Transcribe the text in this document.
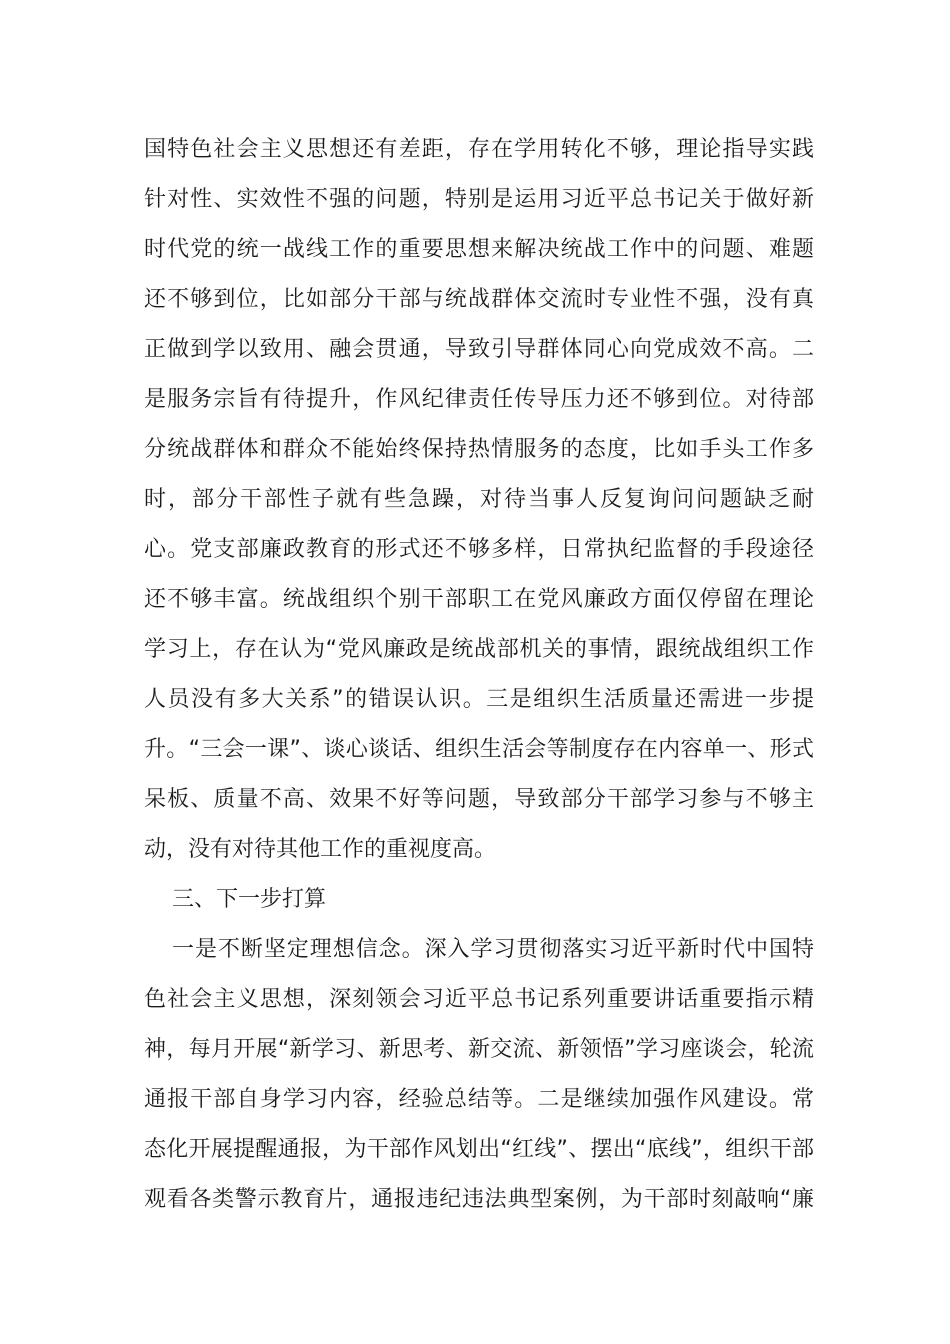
国特色社会主义思想还有差距，存在学用转化不够，理论指导实践
针对性、实效性不强的问题，特别是运用习近平总书记关于做好新
时代党的统一战线工作的重要思想来解决统战工作中的问题、难题
还不够到位，比如部分干部与统战群体交流时专业性不强，没有真
正做到学以致用、融会贯通，导致引导群体同心向党成效不高。二
是服务宗旨有待提升，作风纪律责任传导压力还不够到位。对待部
分统战群体和群众不能始终保持热情服务的态度，比如手头工作多
时，部分干部性子就有些急躁，对待当事人反复询问问题缺乏耐
心。党支部廉政教育的形式还不够多样，日常执纪监督的手段途径
还不够丰富。统战组织个别干部职工在党风廉政方面仅停留在理论
学习上，存在认为“党风廉政是统战部机关的事情，跟统战组织工作
人员没有多大关系”的错误认识。三是组织生活质量还需进一步提
升。“三会一课”、谈心谈话、组织生活会等制度存在内容单一、形式
呆板、质量不高、效果不好等问题，导致部分干部学习参与不够主
动，没有对待其他工作的重视度高。
三、下一步打算
一是不断坚定理想信念。深入学习贯彻落实习近平新时代中国特
色社会主义思想，深刻领会习近平总书记系列重要讲话重要指示精
神，每月开展“新学习、新思考、新交流、新领悟”学习座谈会，轮流
通报干部自身学习内容，经验总结等。二是继续加强作风建设。常
态化开展提醒通报，为干部作风划出“红线”、摆出“底线”，组织干部
观看各类警示教育片，通报违纪违法典型案例，为干部时刻敲响“廉
